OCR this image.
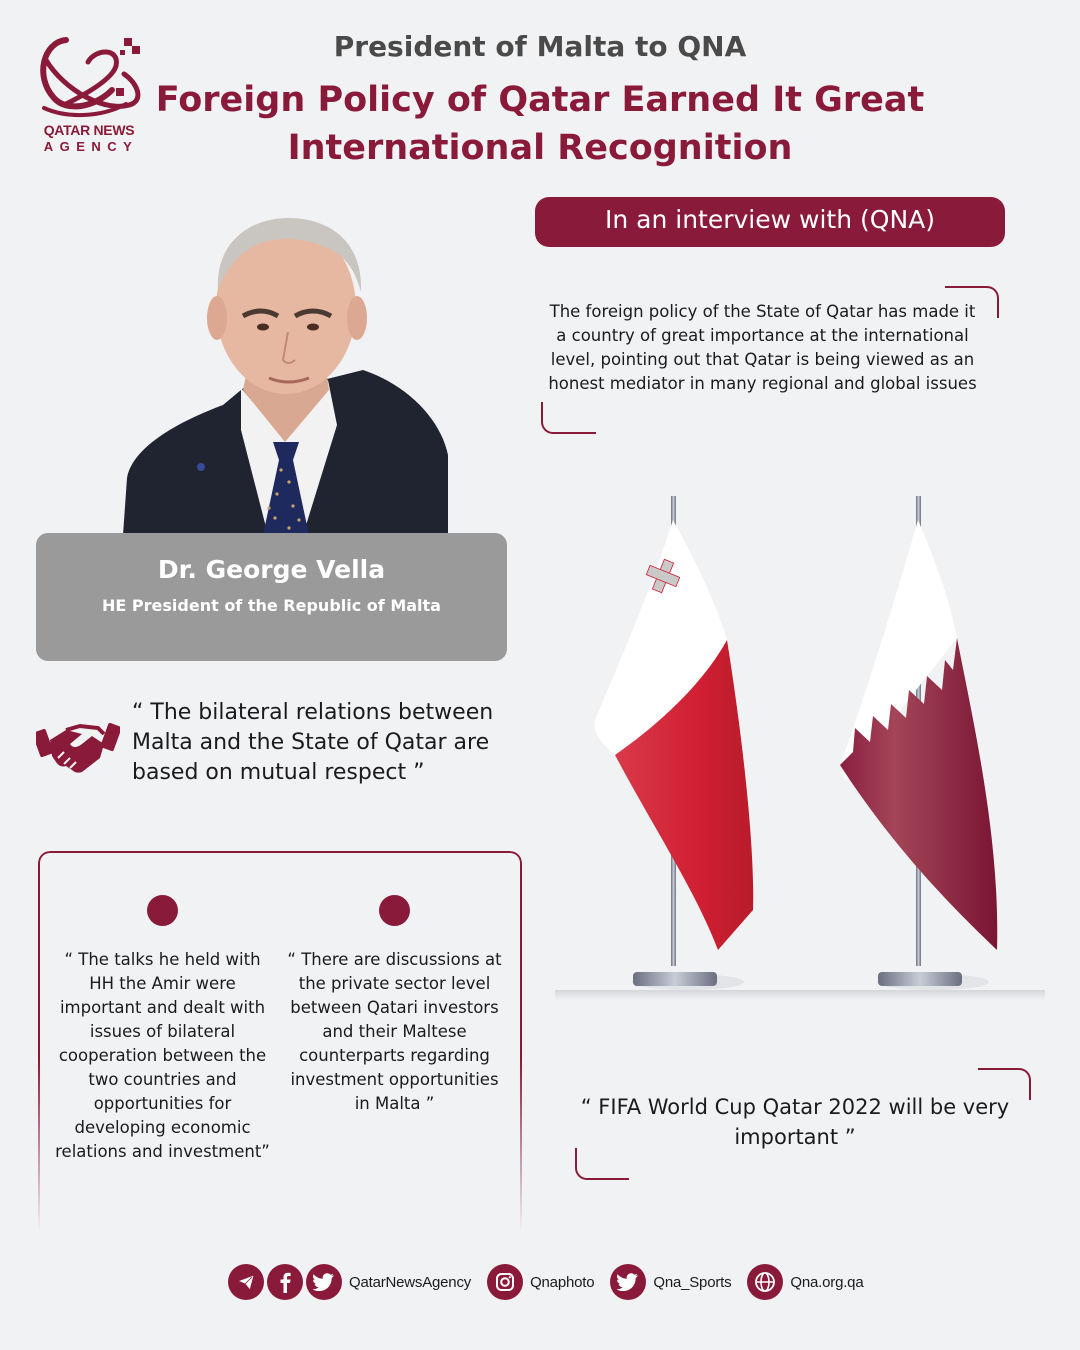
QATAR NEWS
AGENCY
President of Malta to QNA
Foreign Policy of Qatar Earned It Great
International Recognition
In an interview with (QNA)
The foreign policy of the State of Qatar has made it a country of great importance at the international level, pointing out that Qatar is being viewed as an honest mediator in many regional and global issues
Dr. George Vella
HE President of the Republic of Malta
“ The bilateral relations between Malta and the State of Qatar are based on mutual respect ”
“ The talks he held with HH the Amir were important and dealt with issues of bilateral cooperation between the two countries and opportunities for developing economic relations and investment”
“ There are discussions at the private sector level between Qatari investors and their Maltese counterparts regarding investment opportunities in Malta ”	“ FIFA World Cup Qatar 2022 will be very important ”
QatarNewsAgency	Qnaphoto	Qna_Sports	Qna.org.qa
